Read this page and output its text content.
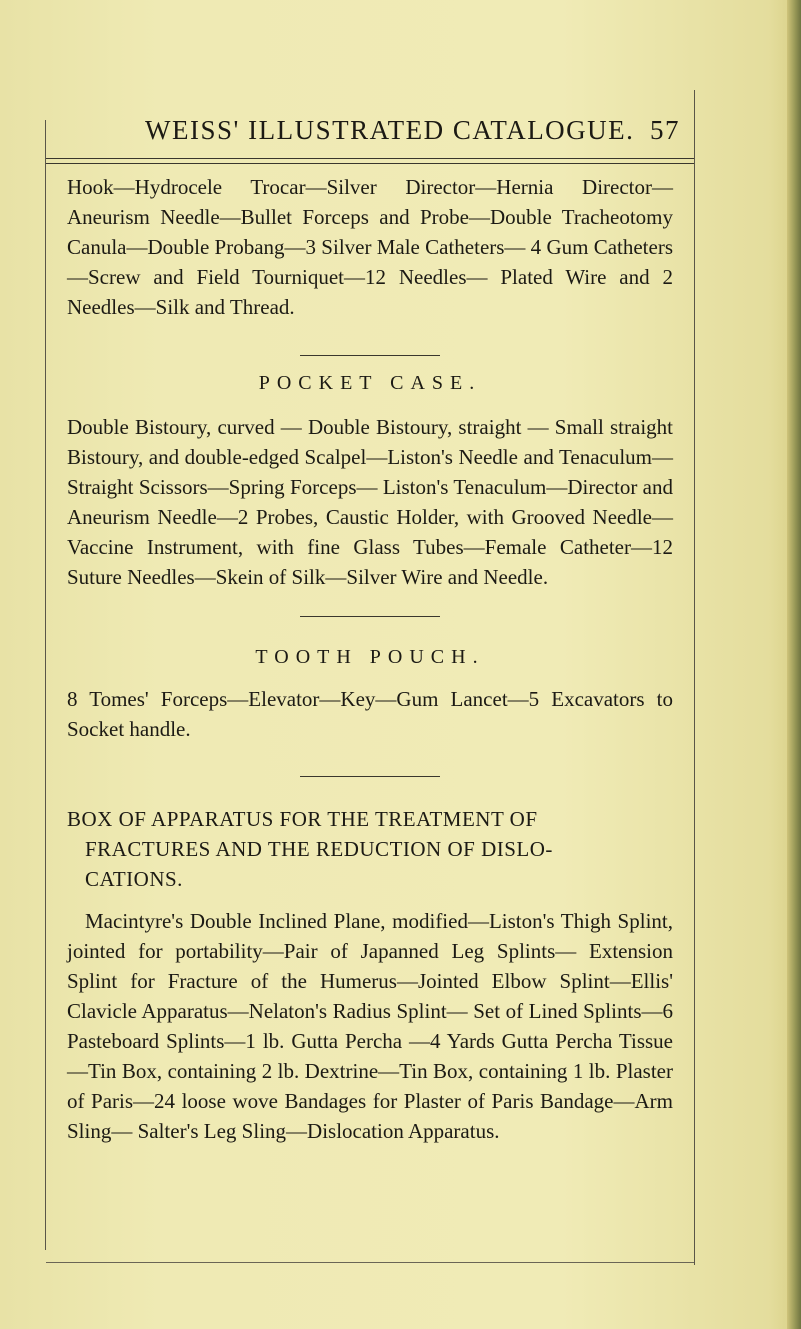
WEISS' ILLUSTRATED CATALOGUE. 57

Hook—Hydrocele Trocar—Silver Director—Hernia Director— Aneurism Needle—Bullet Forceps and Probe—Double Tracheotomy Canula—Double Probang—3 Silver Male Catheters— 4 Gum Catheters—Screw and Field Tourniquet—12 Needles— Plated Wire and 2 Needles—Silk and Thread.

POCKET CASE.

Double Bistoury, curved — Double Bistoury, straight — Small straight Bistoury, and double-edged Scalpel—Liston's Needle and Tenaculum—Straight Scissors—Spring Forceps— Liston's Tenaculum—Director and Aneurism Needle—2 Probes, Caustic Holder, with Grooved Needle—Vaccine Instrument, with fine Glass Tubes—Female Catheter—12 Suture Needles—Skein of Silk—Silver Wire and Needle.

TOOTH POUCH.

8 Tomes' Forceps—Elevator—Key—Gum Lancet—5 Excavators to Socket handle.

BOX OF APPARATUS FOR THE TREATMENT OF
FRACTURES AND THE REDUCTION OF DISLO-
CATIONS.

Macintyre's Double Inclined Plane, modified—Liston's Thigh Splint, jointed for portability—Pair of Japanned Leg Splints— Extension Splint for Fracture of the Humerus—Jointed Elbow Splint—Ellis' Clavicle Apparatus—Nelaton's Radius Splint— Set of Lined Splints—6 Pasteboard Splints—1 lb. Gutta Percha —4 Yards Gutta Percha Tissue—Tin Box, containing 2 lb. Dextrine—Tin Box, containing 1 lb. Plaster of Paris—24 loose wove Bandages for Plaster of Paris Bandage—Arm Sling— Salter's Leg Sling—Dislocation Apparatus.
